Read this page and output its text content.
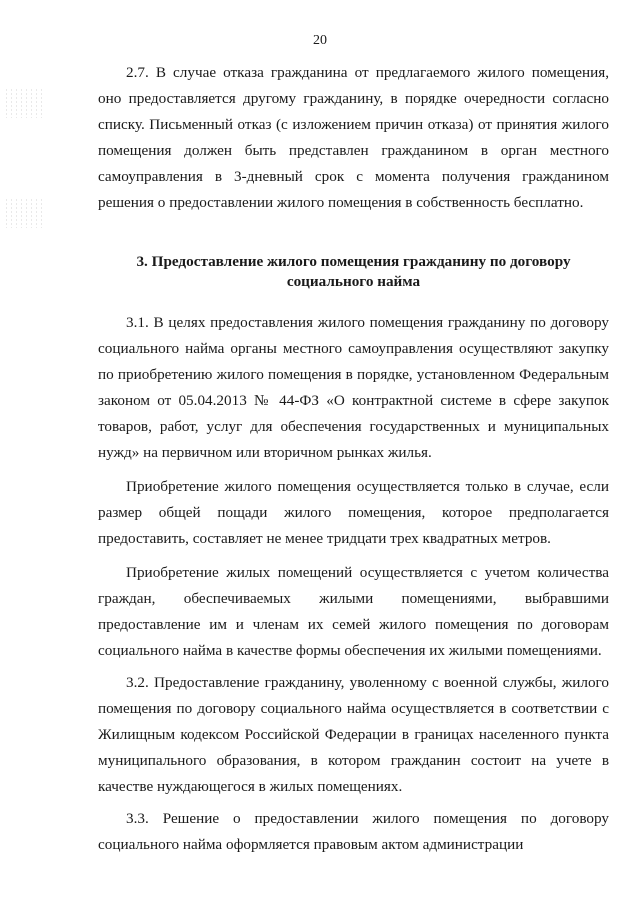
20

2.7. В случае отказа гражданина от предлагаемого жилого помещения, оно предоставляется другому гражданину, в порядке очередности согласно списку. Письменный отказ (с изложением причин отказа) от принятия жилого помещения должен быть представлен гражданином в орган местного самоуправления в 3-дневный срок с момента получения гражданином решения о предоставлении жилого помещения в собственность бесплатно.

3. Предоставление жилого помещения гражданину по договору социального найма

3.1. В целях предоставления жилого помещения гражданину по договору социального найма органы местного самоуправления осуществляют закупку по приобретению жилого помещения в порядке, установленном Федеральным законом от 05.04.2013 № 44-ФЗ «О контрактной системе в сфере закупок товаров, работ, услуг для обеспечения государственных и муниципальных нужд» на первичном или вторичном рынках жилья.

Приобретение жилого помещения осуществляется только в случае, если размер общей пощади жилого помещения, которое предполагается предоставить, составляет не менее тридцати трех квадратных метров.

Приобретение жилых помещений осуществляется с учетом количества граждан, обеспечиваемых жилыми помещениями, выбравшими предоставление им и членам их семей жилого помещения по договорам социального найма в качестве формы обеспечения их жилыми помещениями.

3.2. Предоставление гражданину, уволенному с военной службы, жилого помещения по договору социального найма осуществляется в соответствии с Жилищным кодексом Российской Федерации в границах населенного пункта муниципального образования, в котором гражданин состоит на учете в качестве нуждающегося в жилых помещениях.

3.3. Решение о предоставлении жилого помещения по договору социального найма оформляется правовым актом администрации
